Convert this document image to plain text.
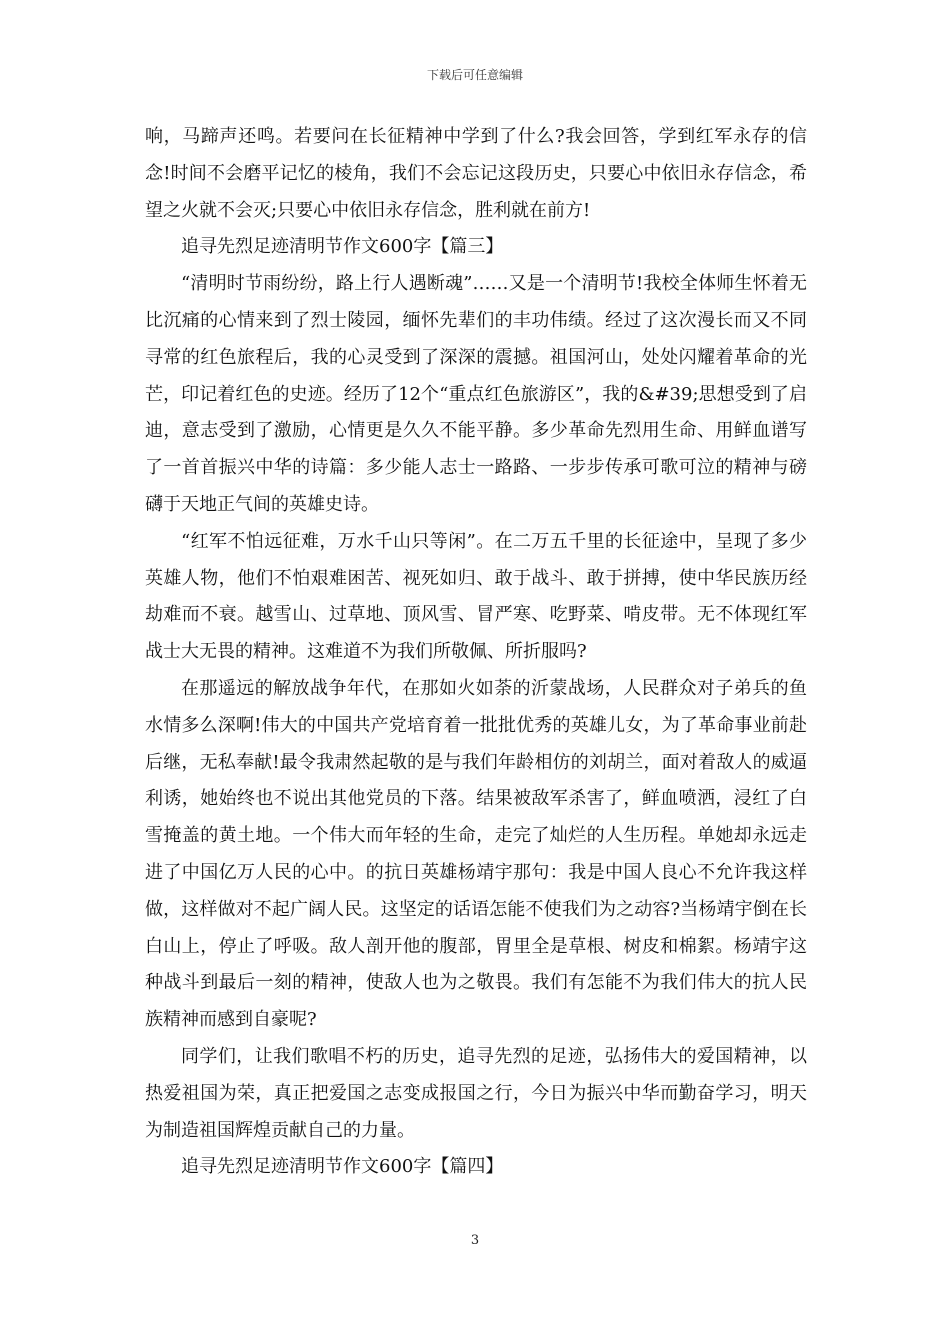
下载后可任意编辑

响，马蹄声还鸣。若要问在长征精神中学到了什么?我会回答，学到红军永存的信念!时间不会磨平记忆的棱角，我们不会忘记这段历史，只要心中依旧永存信念，希望之火就不会灭;只要心中依旧永存信念，胜利就在前方!

追寻先烈足迹清明节作文600字【篇三】

“清明时节雨纷纷，路上行人遇断魂”……又是一个清明节!我校全体师生怀着无比沉痛的心情来到了烈士陵园，缅怀先辈们的丰功伟绩。经过了这次漫长而又不同寻常的红色旅程后，我的心灵受到了深深的震撼。祖国河山，处处闪耀着革命的光芒，印记着红色的史迹。经历了12个“重点红色旅游区”，我的&#39;思想受到了启迪，意志受到了激励，心情更是久久不能平静。多少革命先烈用生命、用鲜血谱写了一首首振兴中华的诗篇：多少能人志士一路路、一步步传承可歌可泣的精神与磅礴于天地正气间的英雄史诗。

“红军不怕远征难，万水千山只等闲”。在二万五千里的长征途中，呈现了多少英雄人物，他们不怕艰难困苦、视死如归、敢于战斗、敢于拼搏，使中华民族历经劫难而不衰。越雪山、过草地、顶风雪、冒严寒、吃野菜、啃皮带。无不体现红军战士大无畏的精神。这难道不为我们所敬佩、所折服吗?

在那遥远的解放战争年代，在那如火如荼的沂蒙战场，人民群众对子弟兵的鱼水情多么深啊!伟大的中国共产党培育着一批批优秀的英雄儿女，为了革命事业前赴后继，无私奉献!最令我肃然起敬的是与我们年龄相仿的刘胡兰，面对着敌人的威逼利诱，她始终也不说出其他党员的下落。结果被敌军杀害了，鲜血喷洒，浸红了白雪掩盖的黄土地。一个伟大而年轻的生命，走完了灿烂的人生历程。单她却永远走进了中国亿万人民的心中。的抗日英雄杨靖宇那句：我是中国人良心不允许我这样做，这样做对不起广阔人民。这坚定的话语怎能不使我们为之动容?当杨靖宇倒在长白山上，停止了呼吸。敌人剖开他的腹部，胃里全是草根、树皮和棉絮。杨靖宇这种战斗到最后一刻的精神，使敌人也为之敬畏。我们有怎能不为我们伟大的抗人民族精神而感到自豪呢?

同学们，让我们歌唱不朽的历史，追寻先烈的足迹，弘扬伟大的爱国精神，以热爱祖国为荣，真正把爱国之志变成报国之行，今日为振兴中华而勤奋学习，明天为制造祖国辉煌贡献自己的力量。

追寻先烈足迹清明节作文600字【篇四】

3
